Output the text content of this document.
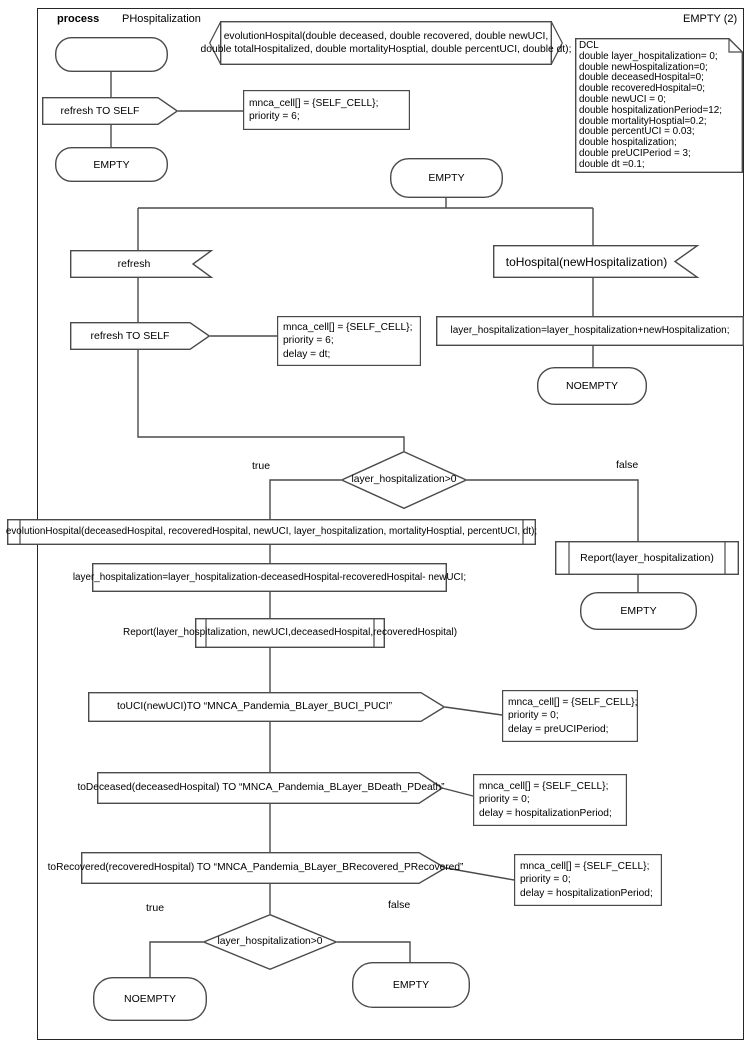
process PHospitalization
refresh TO SELF
mnca_cell[] = {SELF_CELL};
priority = 6;
EMPTY
evolutionHospital(double deceased, double recovered, double newUCI,
double totalHospitalized, double mortalityHosptial, double percentUCI, double dt);
EMPTY (2)
DCL
double layer_hospitalization= 0;
double newHospitalization=0;
double deceasedHospital=0;
double recoveredHospital=0;
double newUCI = 0;
double hospitalizationPeriod=12;
double mortalityHosptial=0.2;
double percentUCI = 0.03;
double hospitalization;
double preUCIPeriod = 3;
double dt =0.1;
EMPTY
refresh
refresh TO SELF
mnca_cell[] = {SELF_CELL};
priority = 6;
delay = dt;
toHospital(newHospitalization)
layer_hospitalization=layer_hospitalization+newHospitalization;
NOEMPTY
layer_hospitalization>0
true	false
evolutionHospital(deceasedHospital, recoveredHospital, newUCI, layer_hospitalization, mortalityHosptial, percentUCI, dt);
layer_hospitalization=layer_hospitalization-deceasedHospital-recoveredHospital- newUCI;
Report(layer_hospitalization, newUCI,deceasedHospital,recoveredHospital)
Report(layer_hospitalization)
EMPTY
toUCI(newUCI)TO “MNCA_Pandemia_BLayer_BUCI_PUCI”	mnca_cell[] = {SELF_CELL};
priority = 0;
delay = preUCIPeriod;
toDeceased(deceasedHospital) TO “MNCA_Pandemia_BLayer_BDeath_PDeath”	mnca_cell[] = {SELF_CELL};
priority = 0;
delay = hospitalizationPeriod;
toRecovered(recoveredHospital) TO “MNCA_Pandemia_BLayer_BRecovered_PRecovered”	mnca_cell[] = {SELF_CELL};
priority = 0;
delay = hospitalizationPeriod;
layer_hospitalization>0
true	false
NOEMPTY
EMPTY
